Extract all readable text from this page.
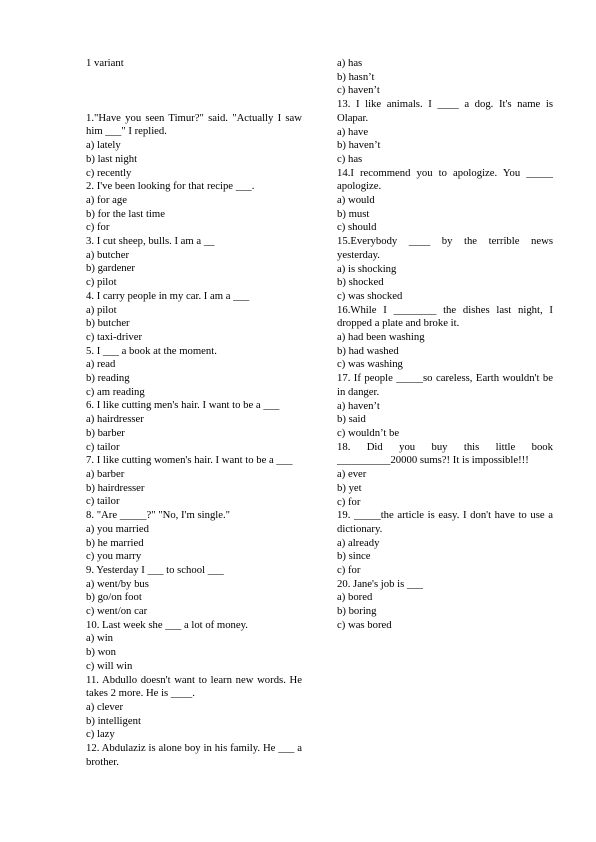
1 variant
1."Have you seen Timur?" said. "Actually I saw him ___" I replied.
a) lately
b) last night
c) recently
2. I've been looking for that recipe ___.
a) for age
b) for the last time
c) for
3. I cut sheep, bulls. I am a __
a) butcher
b) gardener
c) pilot
4. I carry people in my car. I am a ___
a) pilot
b) butcher
c) taxi-driver
5. I ___ a book at the moment.
a) read
b) reading
c) am reading
6. I like cutting men's hair. I want to be a ___
a) hairdresser
b) barber
c) tailor
7. I like cutting women's hair. I want to be a ___
a) barber
b) hairdresser
c) tailor
8. "Are _____?" "No, I'm single."
a) you married
b) he married
c) you marry
9. Yesterday I ___ to school ___
a) went/by bus
b) go/on foot
c) went/on car
10. Last week she ___ a lot of money.
a) win
b) won
c) will win
11. Abdullo doesn't want to learn new words. He takes 2 more. He is ____.
a) clever
b) intelligent
c) lazy
12. Abdulaziz is alone boy in his family. He ___ a brother.
a) has
b) hasn’t
c) haven’t
13. I like animals. I ____ a dog. It's name is Olapar.
a) have
b) haven’t
c) has
14.I recommend you to apologize. You _____ apologize.
a) would
b) must
c) should
15.Everybody ____ by the terrible news yesterday.
a) is shocking
b) shocked
c) was shocked
16.While I ________ the dishes last night, I dropped a plate and broke it.
a) had been washing
b) had washed
c) was washing
17. If people _____so careless, Earth wouldn't be in danger.
a) haven’t
b) said
c) wouldn’t be
18. Did you buy this little book __________20000 sums?! It is impossible!!!
a) ever
b) yet
c) for
19. _____the article is easy. I don't have to use a dictionary.
a) already
b) since
c) for
20. Jane's job is ___
a) bored
b) boring
c) was bored
